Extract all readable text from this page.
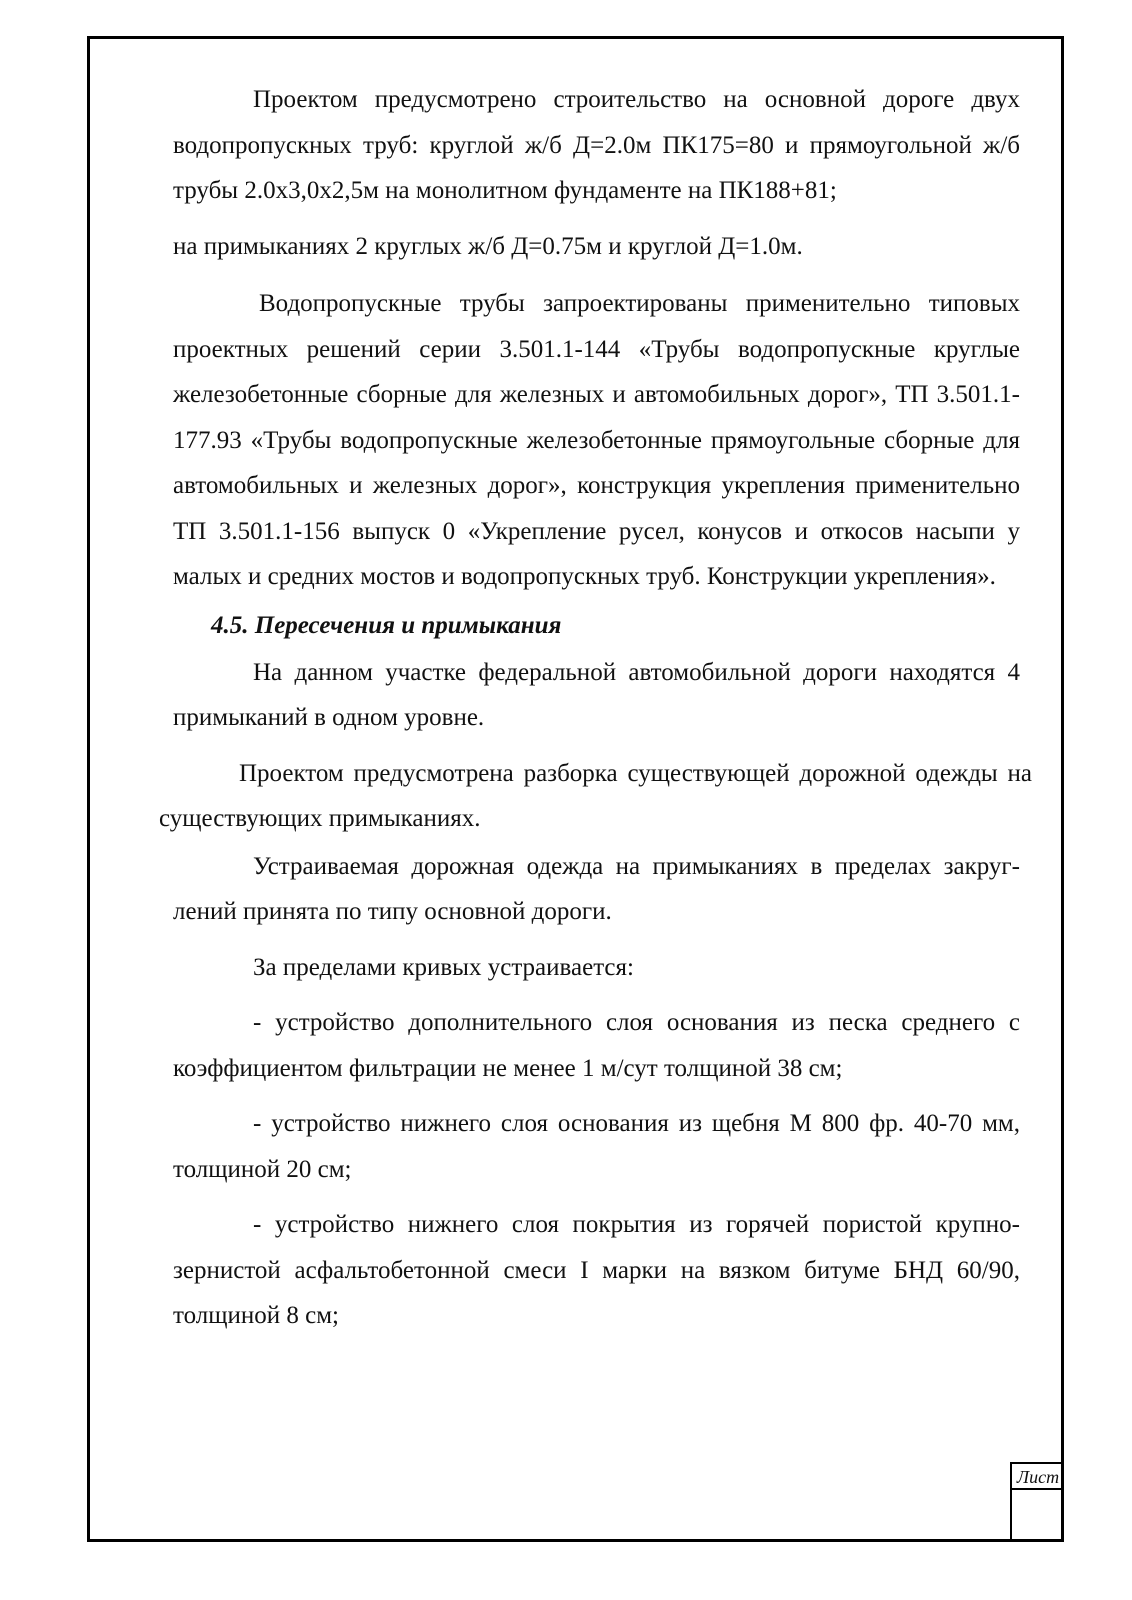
Проектом предусмотрено строительство на основной дороге двух водопропускных труб: круглой ж/б Д=2.0м ПК175=80 и прямоугольной ж/б трубы 2.0х3,0х2,5м на монолитном фундаменте на ПК188+81;

на примыканиях 2 круглых ж/б Д=0.75м и круглой Д=1.0м.

Водопропускные трубы запроектированы применительно типовых проектных решений серии 3.501.1-144 «Трубы водопропускные круглые железобетонные сборные для железных и автомобильных дорог», ТП 3.501.1-177.93 «Трубы водопропускные железобетонные прямоугольные сборные для автомобильных и железных дорог», конструкция укрепления применительно ТП 3.501.1-156 выпуск 0 «Укрепление русел, конусов и откосов насыпи у малых и средних мостов и водопропускных труб. Конструкции укрепления».

4.5. Пересечения и примыкания

На данном участке федеральной автомобильной дороги находятся 4 примыканий в одном уровне.

Проектом предусмотрена разборка существующей дорожной одежды на существующих примыканиях.

Устраиваемая дорожная одежда на примыканиях в пределах закруглений принята по типу основной дороги.

За пределами кривых устраивается:

- устройство дополнительного слоя основания из песка среднего с коэффициентом фильтрации не менее 1 м/сут толщиной 38 см;

- устройство нижнего слоя основания из щебня М 800 фр. 40-70 мм, толщиной 20 см;

- устройство нижнего слоя покрытия из горячей пористой крупнозернистой асфальтобетонной смеси I марки на вязком битуме БНД 60/90, толщиной 8 см;

Лист
